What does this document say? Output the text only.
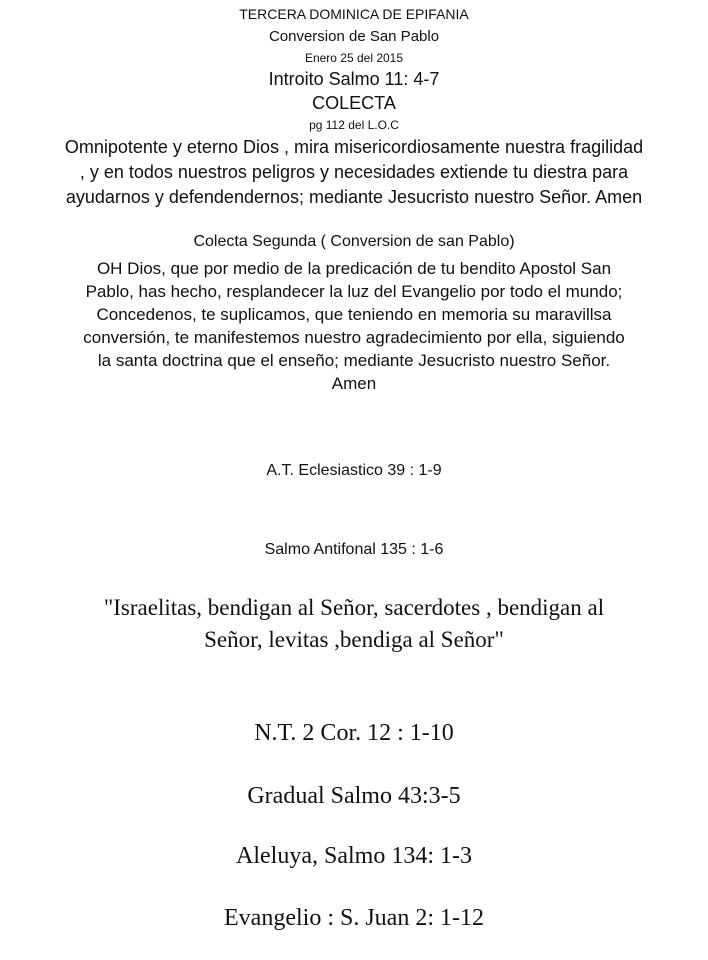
TERCERA DOMINICA DE EPIFANIA
Conversion de San Pablo
Enero 25 del 2015
Introito Salmo 11: 4-7
COLECTA
pg 112 del L.O.C
Omnipotente y eterno Dios , mira misericordiosamente nuestra fragilidad
, y en todos nuestros peligros y necesidades extiende tu diestra para
ayudarnos y defendendernos; mediante Jesucristo nuestro Señor. Amen
Colecta Segunda ( Conversion de san Pablo)
OH Dios, que por medio de la predicación de tu bendito Apostol San
Pablo, has hecho, resplandecer la luz del Evangelio por todo el mundo;
Concedenos, te suplicamos, que teniendo en memoria su maravillsa
conversión, te manifestemos nuestro agradecimiento por ella, siguiendo
la santa doctrina que el enseño; mediante Jesucristo nuestro Señor.
Amen
A.T. Eclesiastico 39 : 1-9
Salmo Antifonal 135 : 1-6
"Israelitas, bendigan al Señor, sacerdotes , bendigan al
Señor, levitas ,bendiga al Señor"
N.T. 2 Cor. 12 : 1-10
Gradual Salmo 43:3-5
Aleluya, Salmo 134: 1-3
Evangelio : S. Juan 2: 1-12
